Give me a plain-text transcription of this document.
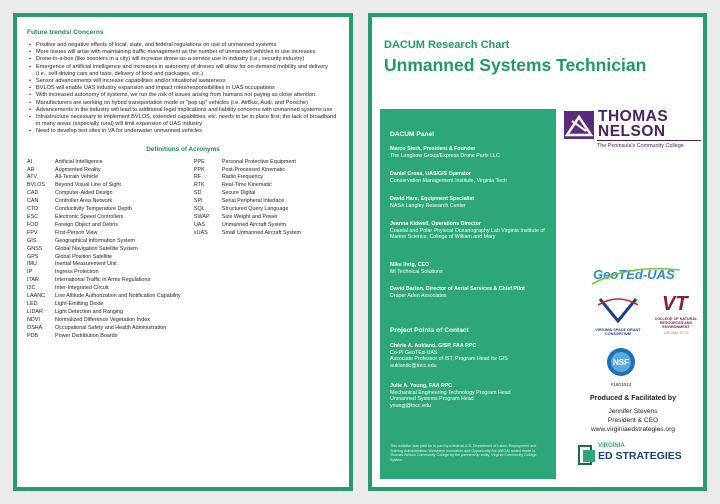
Future trends/ Concerns
• Positive and negative effects of local, state, and federal regulations on use of unmanned systems
• More issues will arise with maintaining traffic management as the number of unmanned vehicles in use increases
• Drone-in-a-box (like scooters in a city) will increase drone-as-a-service use in industry (i.e., security industry)
• Emergence of artificial intelligence and increases in autonomy of drones will allow for on-demand mobility and delivery (i.e., self-driving cars and taxis, delivery of food and packages, etc.)
• Sensor advancements will increase capabilities and/or situational awareness
• BVLOS will enable UAS industry expansion and impact roles/responsibilities in UAS occupations
• With increased autonomy of systems, we run the risk of issues arising from humans not paying as close attention.
• Manufacturers are working on hybrid transportation mode or "pop up" vehicles (i.e. AirBus, Audi, and Porsche)
• Advancements in the industry will lead to additional legal implications and liability concerns with unmanned systems use
• Infrastructure necessary to implement BVLOS, extended capabilities, etc. needs to be in place first; the lack of broadband in many areas (especially rural) will limit expansion of UAS industry
• Need to develop test sites in VA for underwater unmanned vehicles
Definitions of Acronyms
AI	Artificial Intelligence
AR	Augmented Reality
ATV	All-Terrain Vehicle
BVLOS	Beyond Visual Line of Sight
CAD	Computer-Aided Design
CAN	Controller Area Network
CTD	Conductivity Temperature Depth
ESC	Electronic Speed Controllers
FOD	Foreign Object and Debris
FPV	First-Person View
GIS	Geographical Information System
GNSS	Global Navigation Satellite System
GPS	Global Position Satellite
IMU	Inertial Measurement Unit
IP	Ingress Protection
ITAR	International Traffic in Arms Regulations
I2C	Inter-Integrated Circuit
LAANC	Low Altitude Authorization and Notification Capability
LED	Light-Emitting Diode
LIDAR	Light Detection and Ranging
NDVI	Normalized Difference Vegetation Index
OSHA	Occupational Safety and Health Administration
PDB	Power Distribution Boards
PPE	Personal Protective Equipment
PPK	Post-Processed Kinematic
RF	Radio Frequency
RTK	Real-Time Kinematic
SD	Secure Digital
SPI	Serial Peripheral Interface
SQL	Structured Query Language
SWAP	Size Weight and Power
UAS	Unmanned Aircraft System
sUAS	Small Unmanned Aircraft System
DACUM Research Chart
Unmanned Systems Technician
DACUM Panel
Marco Sterk, President & Founder
The Longbow Group/Express Drone Parts LLC
Daniel Cross, UAS/GIS Operator
Conservation Management Institute, Virginia Tech
David Hare, Equipment Specialist
NASA Langley Research Center
Jeanna Kidwell, Operations Director
Coastal and Polar Physical Oceanography Lab Virginia Institute of Marine Science, College of William and Mary
Mike Ihrig, CEO
MI Technical Solutions
David Barton, Director of Aerial Services & Chief Pilot
Draper Aden Associates
Project Points of Contact
Chérie A. Aukland, GISP, FAA RPC
Co-PI GeoTEd-UAS
Associate Professor of IST, Program Head for GIS
auklandc@tncc.edu
Julie A. Young, FAA RPC
Mechanical Engineering Technology Program Head
Unmanned Systems Program Head
youngj@tncc.edu
This initiative was paid for in part by a federal U.S. Department of Labor, Employment and Training Administration Workforce Innovation and Opportunity Act (WIOA) award made to Thomas Nelson Community College by the partnership entity, Virginia Community College System.
THOMAS
NELSON
The Peninsula's Community College
GeoTEd-UAS
VIRGINIA SPACE GRANT CONSORTIUM
VT
COLLEGE OF NATURAL RESOURCES AND ENVIRONMENT
VIRGINIA TECH
NSF
#1601614
Produced & Facilitated by
Jennifer Stevens
President & CEO
www.virginiaedstrategies.org
VIRGINIA
ED STRATEGIES
